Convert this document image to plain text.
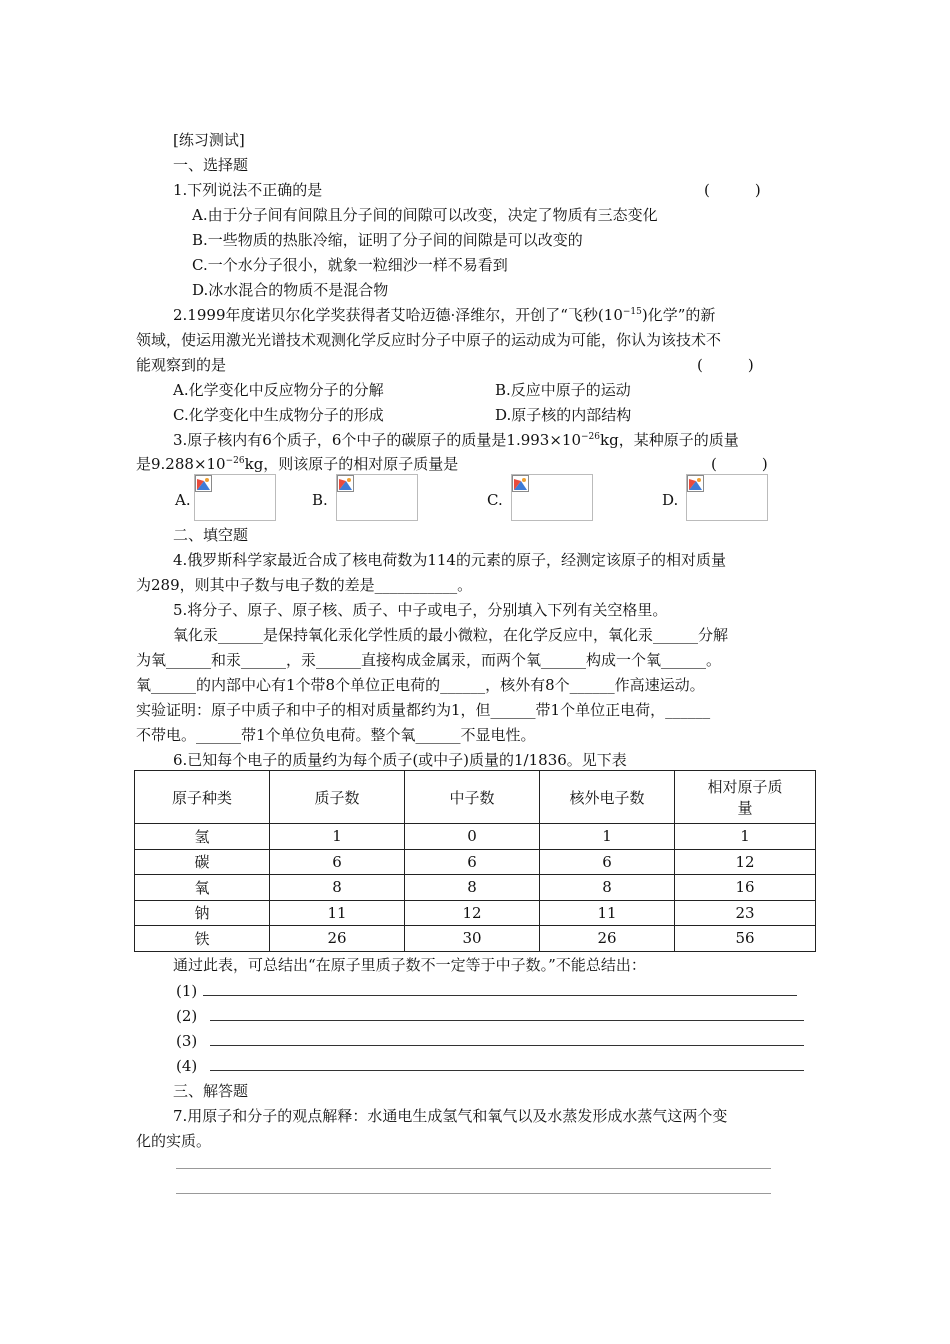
[练习测试]
一、选择题
1.下列说法不正确的是	(　　　)
A.由于分子间有间隙且分子间的间隙可以改变，决定了物质有三态变化
B.一些物质的热胀冷缩，证明了分子间的间隙是可以改变的
C.一个水分子很小，就象一粒细沙一样不易看到
D.冰水混合的物质不是混合物
2.1999年度诺贝尔化学奖获得者艾哈迈德·泽维尔，开创了“飞秒$(10^{-15})$化学”的新
领域，使运用激光光谱技术观测化学反应时分子中原子的运动成为可能，你认为该技术不
能观察到的是	(　　　)
A.化学变化中反应物分子的分解	B.反应中原子的运动
C.化学变化中生成物分子的形成	D.原子核的内部结构
3.原子核内有6个质子，6个中子的碳原子的质量是$1.993\times 10^{-26}kg$，某种原子的质量
是$9.288\times 10^{-26}kg$，则该原子的相对原子质量是	(　　　)
A.	B.	C.	D.
二、填空题
4.俄罗斯科学家最近合成了核电荷数为114的元素的原子，经测定该原子的相对质量
为289，则其中子数与电子数的差是___________。
5.将分子、原子、原子核、质子、中子或电子，分别填入下列有关空格里。
氧化汞______是保持氧化汞化学性质的最小微粒，在化学反应中，氧化汞______分解
为氧______和汞______，汞______直接构成金属汞，而两个氧______构成一个氧______。
氧______的内部中心有1个带8个单位正电荷的______，核外有8个______作高速运动。
实验证明：原子中质子和中子的相对质量都约为1，但______带1个单位正电荷，______
不带电。______带1个单位负电荷。整个氧______不显电性。
6.已知每个电子的质量约为每个质子(或中子)质量的1/1836。见下表
原子种类	质子数	中子数	核外电子数	相对原子质
量
氢	1	0	1	1
碳	6	6	6	12
氧	8	8	8	16
钠	11	12	11	23
铁	26	30	26	56
通过此表，可总结出“在原子里质子数不一定等于中子数。”不能总结出：
(1)
(2)
(3)
(4)
三、解答题
7.用原子和分子的观点解释：水通电生成氢气和氧气以及水蒸发形成水蒸气这两个变
化的实质。
